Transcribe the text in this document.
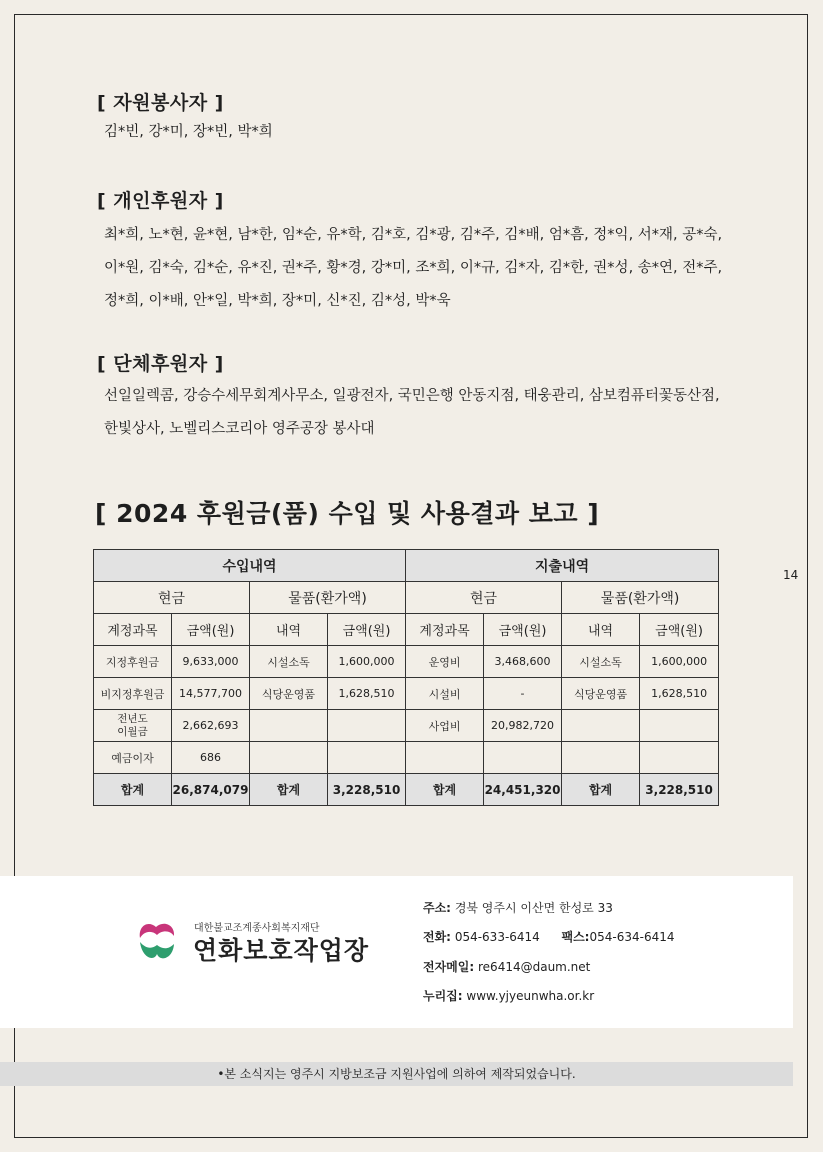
[ 자원봉사자 ]
김*빈, 강*미, 장*빈, 박*희
[ 개인후원자 ]
최*희, 노*현, 윤*현, 남*한, 임*순, 유*학, 김*호, 김*광, 김*주, 김*배, 엄*흠, 정*익, 서*재, 공*숙,
이*원, 김*숙, 김*순, 유*진, 권*주, 황*경, 강*미, 조*희, 이*규, 김*자, 김*한, 권*성, 송*연, 전*주,
정*희, 이*배, 안*일, 박*희, 장*미, 신*진, 김*성, 박*욱
[ 단체후원자 ]
선일일렉콤, 강승수세무회계사무소, 일광전자, 국민은행 안동지점, 태웅관리, 삼보컴퓨터꽃동산점,
한빛상사, 노벨리스코리아 영주공장 봉사대
[ 2024 후원금(품) 수입 및 사용결과 보고 ]
수입내역				지출내역			
현금		물품(환가액)		현금		물품(환가액)	
계정과목	금액(원)	내역	금액(원)	계정과목	금액(원)	내역	금액(원)
지정후원금	9,633,000	시설소독	1,600,000	운영비	3,468,600	시설소독	1,600,000
비지정후원금	14,577,700	식당운영품	1,628,510	시설비	-	식당운영품	1,628,510
전년도
이월금	2,662,693			사업비	20,982,720		
예금이자	686						
합계	26,874,079	합계	3,228,510	합계	24,451,320	합계	3,228,510
14
대한불교조계종사회복지재단
연화보호작업장
주소: 경북 영주시 이산면 한성로 33
전화: 054-633-6414 팩스:054-634-6414
전자메일: re6414@daum.net
누리집: www.yjyeunwha.or.kr
•본 소식지는 영주시 지방보조금 지원사업에 의하여 제작되었습니다.
